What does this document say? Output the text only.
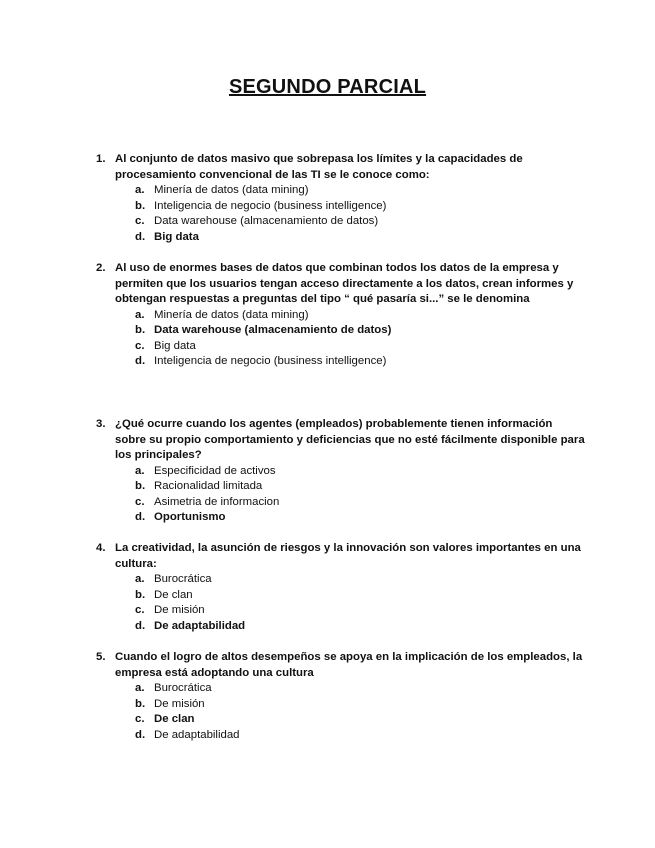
SEGUNDO PARCIAL
1. Al conjunto de datos masivo que sobrepasa los límites y la capacidades de procesamiento convencional de las TI se le conoce como:
a. Minería de datos (data mining)
b. Inteligencia de negocio (business intelligence)
c. Data warehouse (almacenamiento de datos)
d. Big data
2. Al uso de enormes bases de datos que combinan todos los datos de la empresa y permiten que los usuarios tengan acceso directamente a los datos, crean informes y obtengan respuestas a preguntas del tipo “ qué pasaría si...” se le denomina
a. Minería de datos (data mining)
b. Data warehouse (almacenamiento de datos)
c. Big data
d. Inteligencia de negocio (business intelligence)
3. ¿Qué ocurre cuando los agentes (empleados) probablemente tienen información sobre su propio comportamiento y deficiencias que no esté fácilmente disponible para los principales?
a. Especificidad de activos
b. Racionalidad limitada
c. Asimetria de informacion
d. Oportunismo
4. La creatividad, la asunción de riesgos y la innovación son valores importantes en una cultura:
a. Burocrática
b. De clan
c. De misión
d. De adaptabilidad
5. Cuando el logro de altos desempeños se apoya en la implicación de los empleados, la empresa está adoptando una cultura
a. Burocrática
b. De misión
c. De clan
d. De adaptabilidad
